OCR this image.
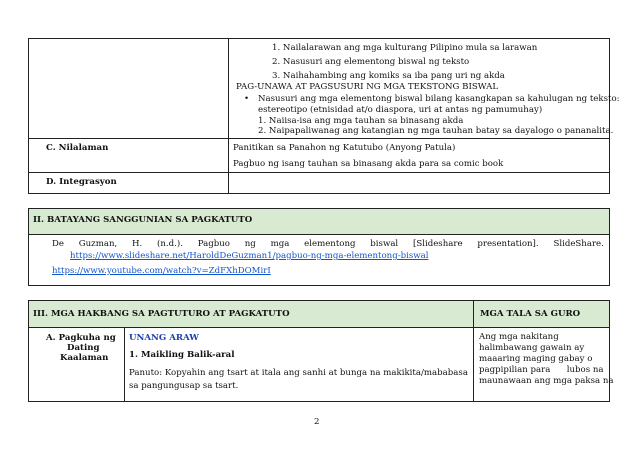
1. Nailalarawan ang mga kulturang Pilipino mula sa larawan
2. Nasusuri ang elementong biswal ng teksto
3. Naihahambing ang komiks sa iba pang uri ng akda
PAG-UNAWA AT PAGSUSURI NG MGA TEKSTONG BISWAL
• Nasusuri ang mga elementong biswal bilang kasangkapan sa kahulugan ng teksto:
estereotipo (etnisidad at/o diaspora, uri at antas ng pamumuhay)
1. Naiisa-isa ang mga tauhan sa binasang akda
2. Naipapaliwanag ang katangian ng mga tauhan batay sa dayalogo o pananalita.
C. Nilalaman	Panitikan sa Panahon ng Katutubo (Anyong Patula)
Pagbuo ng isang tauhan sa binasang akda para sa comic book
D. Integrasyon
II. BATAYANG SANGGUNIAN SA PAGKATUTO
De Guzman, H. (n.d.). Pagbuo ng mga elementong biswal [Slideshare presentation]. SlideShare.
https://www.slideshare.net/HaroldDeGuzman1/pagbuo-ng-mga-elementong-biswal
https://www.youtube.com/watch?v=ZdFXhDOMirI
III. MGA HAKBANG SA PAGTUTURO AT PAGKATUTO	MGA TALA SA GURO
A. Pagkuha ng
Dating
Kaalaman
UNANG ARAW
1. Maikling Balik-aral
Panuto: Kopyahin ang tsart at itala ang sanhi at bunga na makikita/mababasa
sa pangungusap sa tsart.
Ang mga nakitang
halimbawang gawain ay
maaaring maging gabay o
pagpipilian para      lubos na
maunawaan ang mga paksa na
2
